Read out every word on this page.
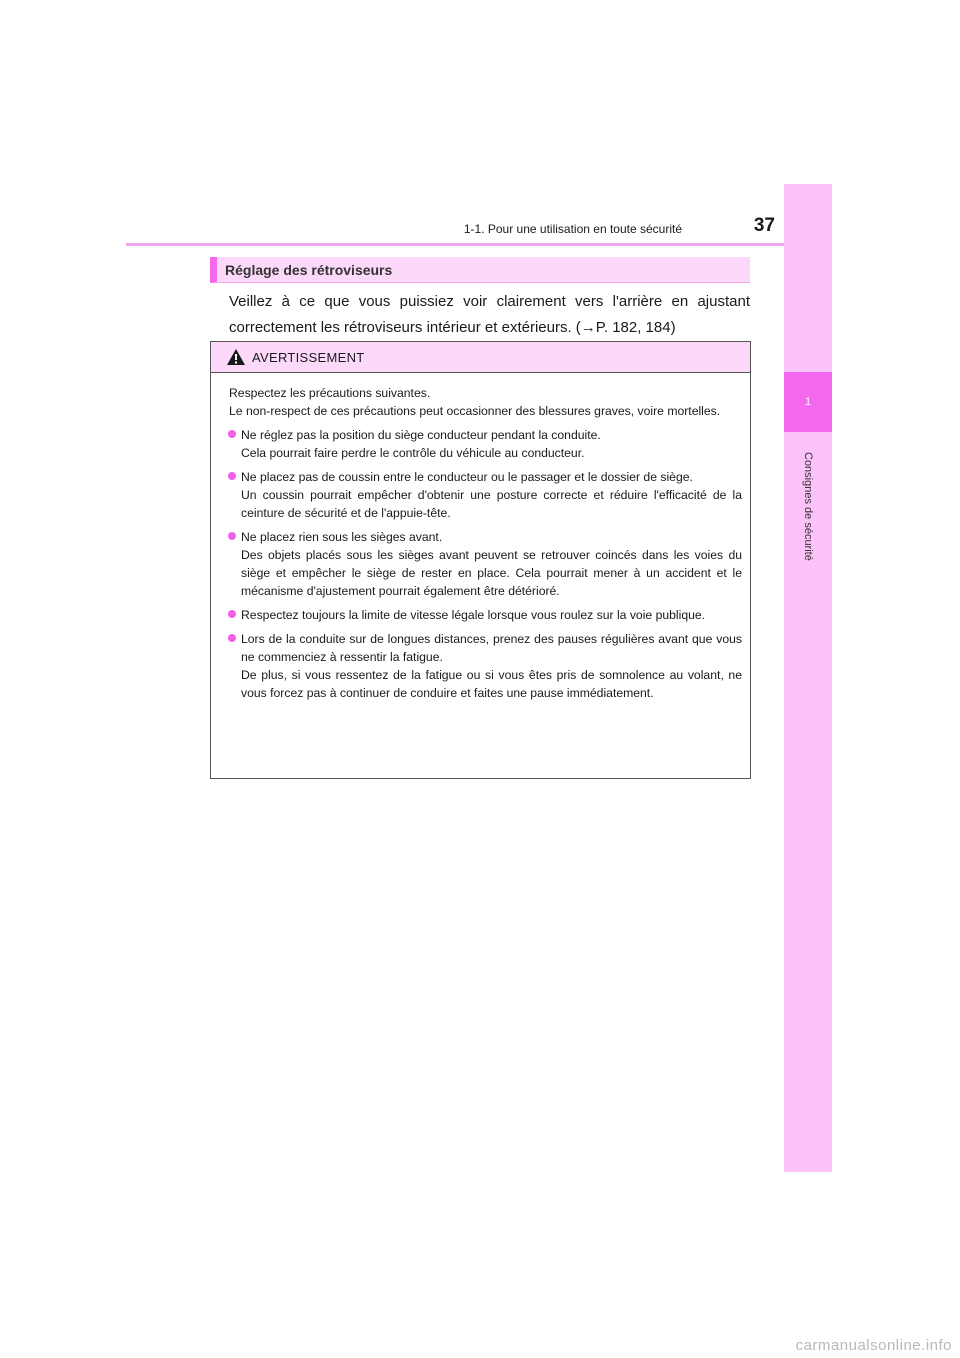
1-1. Pour une utilisation en toute sécurité	37
1
Consignes de sécurité
Réglage des rétroviseurs
Veillez à ce que vous puissiez voir clairement vers l'arrière en ajustant correctement les rétroviseurs intérieur et extérieurs. (→P. 182, 184)
AVERTISSEMENT

Respectez les précautions suivantes.

Le non-respect de ces précautions peut occasionner des blessures graves, voire mortelles.

Ne réglez pas la position du siège conducteur pendant la conduite.

Cela pourrait faire perdre le contrôle du véhicule au conducteur.

Ne placez pas de coussin entre le conducteur ou le passager et le dossier de siège.

Un coussin pourrait empêcher d'obtenir une posture correcte et réduire l'efficacité de la ceinture de sécurité et de l'appuie-tête.

Ne placez rien sous les sièges avant.

Des objets placés sous les sièges avant peuvent se retrouver coincés dans les voies du siège et empêcher le siège de rester en place. Cela pourrait mener à un accident et le mécanisme d'ajustement pourrait également être détérioré.

Respectez toujours la limite de vitesse légale lorsque vous roulez sur la voie publique.

Lors de la conduite sur de longues distances, prenez des pauses régulières avant que vous ne commenciez à ressentir la fatigue.

De plus, si vous ressentez de la fatigue ou si vous êtes pris de somnolence au volant, ne vous forcez pas à continuer de conduire et faites une pause immédiatement.

carmanualsonline.info
